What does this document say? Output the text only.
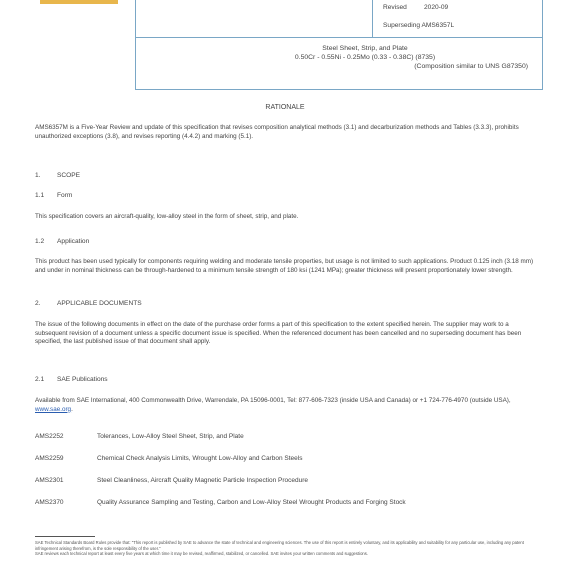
Revised	2020-09
Superseding AMS6357L
Steel Sheet, Strip, and Plate
0.50Cr - 0.55Ni - 0.25Mo (0.33 - 0.38C) (8735)
(Composition similar to UNS G87350)
RATIONALE
AMS6357M is a Five-Year Review and update of this specification that revises composition analytical methods (3.1) and decarburization methods and Tables (3.3.3), prohibits unauthorized exceptions (3.8), and revises reporting (4.4.2) and marking (5.1).
1.	SCOPE
1.1 Form
This specification covers an aircraft-quality, low-alloy steel in the form of sheet, strip, and plate.
1.2 Application
This product has been used typically for components requiring welding and moderate tensile properties, but usage is not limited to such applications. Product 0.125 inch (3.18 mm) and under in nominal thickness can be through-hardened to a minimum tensile strength of 180 ksi (1241 MPa); greater thickness will present proportionately lower strength.
2.	APPLICABLE DOCUMENTS
The issue of the following documents in effect on the date of the purchase order forms a part of this specification to the extent specified herein. The supplier may work to a subsequent revision of a document unless a specific document issue is specified. When the referenced document has been cancelled and no superseding document has been specified, the last published issue of that document shall apply.
2.1 SAE Publications
Available from SAE International, 400 Commonwealth Drive, Warrendale, PA 15096-0001, Tel: 877-606-7323 (inside USA and Canada) or +1 724-776-4970 (outside USA), www.sae.org.
AMS2252	Tolerances, Low-Alloy Steel Sheet, Strip, and Plate
AMS2259	Chemical Check Analysis Limits, Wrought Low-Alloy and Carbon Steels
AMS2301	Steel Cleanliness, Aircraft Quality Magnetic Particle Inspection Procedure
AMS2370	Quality Assurance Sampling and Testing, Carbon and Low-Alloy Steel Wrought Products and Forging Stock
SAE Technical Standards Board Rules provide that: "This report is published by SAE to advance the state of technical and engineering sciences. The use of this report is entirely voluntary, and its applicability and suitability for any particular use, including any patent infringement arising therefrom, is the sole responsibility of the user."
SAE reviews each technical report at least every five years at which time it may be revised, reaffirmed, stabilized, or cancelled. SAE invites your written comments and suggestions.
